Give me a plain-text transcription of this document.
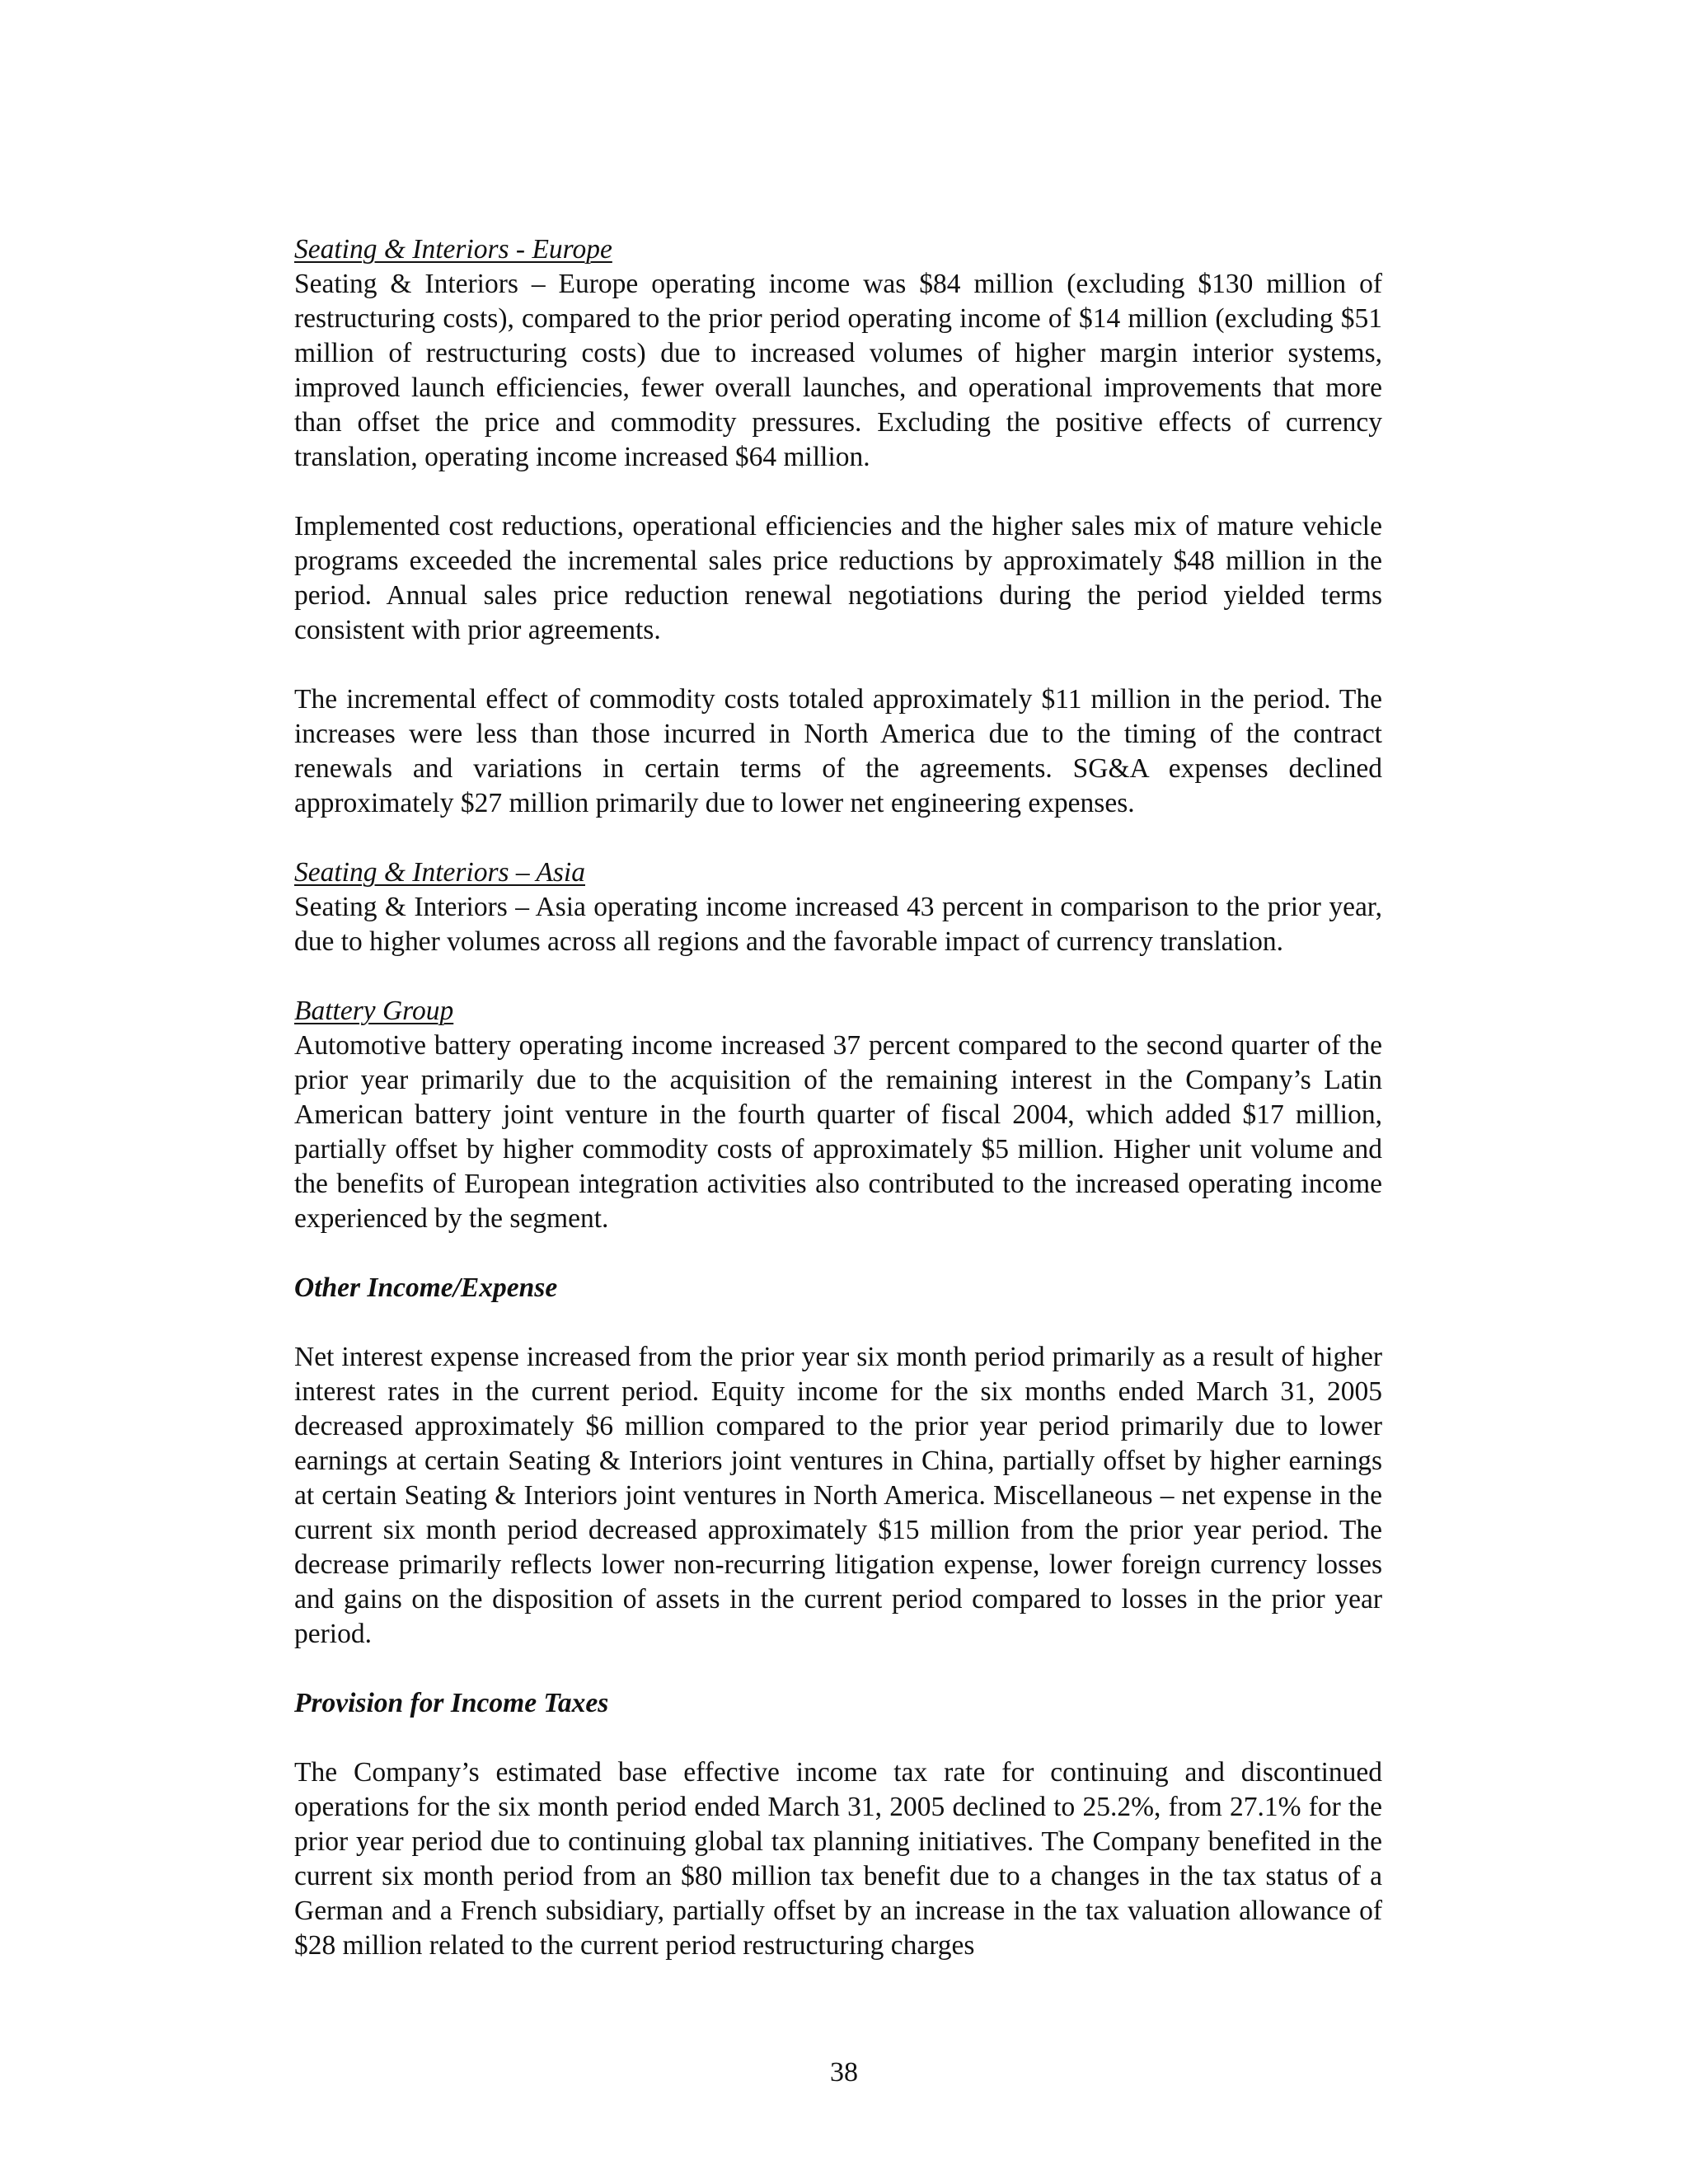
Seating & Interiors - Europe

Seating & Interiors – Europe operating income was $84 million (excluding $130 million of restructuring costs), compared to the prior period operating income of $14 million (excluding $51 million of restructuring costs) due to increased volumes of higher margin interior systems, improved launch efficiencies, fewer overall launches, and operational improvements that more than offset the price and commodity pressures. Excluding the positive effects of currency translation, operating income increased $64 million.

Implemented cost reductions, operational efficiencies and the higher sales mix of mature vehicle programs exceeded the incremental sales price reductions by approximately $48 million in the period. Annual sales price reduction renewal negotiations during the period yielded terms consistent with prior agreements.

The incremental effect of commodity costs totaled approximately $11 million in the period. The increases were less than those incurred in North America due to the timing of the contract renewals and variations in certain terms of the agreements. SG&A expenses declined approximately $27 million primarily due to lower net engineering expenses.

Seating & Interiors – Asia

Seating & Interiors – Asia operating income increased 43 percent in comparison to the prior year, due to higher volumes across all regions and the favorable impact of currency translation.

Battery Group

Automotive battery operating income increased 37 percent compared to the second quarter of the prior year primarily due to the acquisition of the remaining interest in the Company’s Latin American battery joint venture in the fourth quarter of fiscal 2004, which added $17 million, partially offset by higher commodity costs of approximately $5 million. Higher unit volume and the benefits of European integration activities also contributed to the increased operating income experienced by the segment.

Other Income/Expense

Net interest expense increased from the prior year six month period primarily as a result of higher interest rates in the current period. Equity income for the six months ended March 31, 2005 decreased approximately $6 million compared to the prior year period primarily due to lower earnings at certain Seating & Interiors joint ventures in China, partially offset by higher earnings at certain Seating & Interiors joint ventures in North America. Miscellaneous – net expense in the current six month period decreased approximately $15 million from the prior year period. The decrease primarily reflects lower non-recurring litigation expense, lower foreign currency losses and gains on the disposition of assets in the current period compared to losses in the prior year period.

Provision for Income Taxes

The Company’s estimated base effective income tax rate for continuing and discontinued operations for the six month period ended March 31, 2005 declined to 25.2%, from 27.1% for the prior year period due to continuing global tax planning initiatives. The Company benefited in the current six month period from an $80 million tax benefit due to a changes in the tax status of a German and a French subsidiary, partially offset by an increase in the tax valuation allowance of $28 million related to the current period restructuring charges

38
